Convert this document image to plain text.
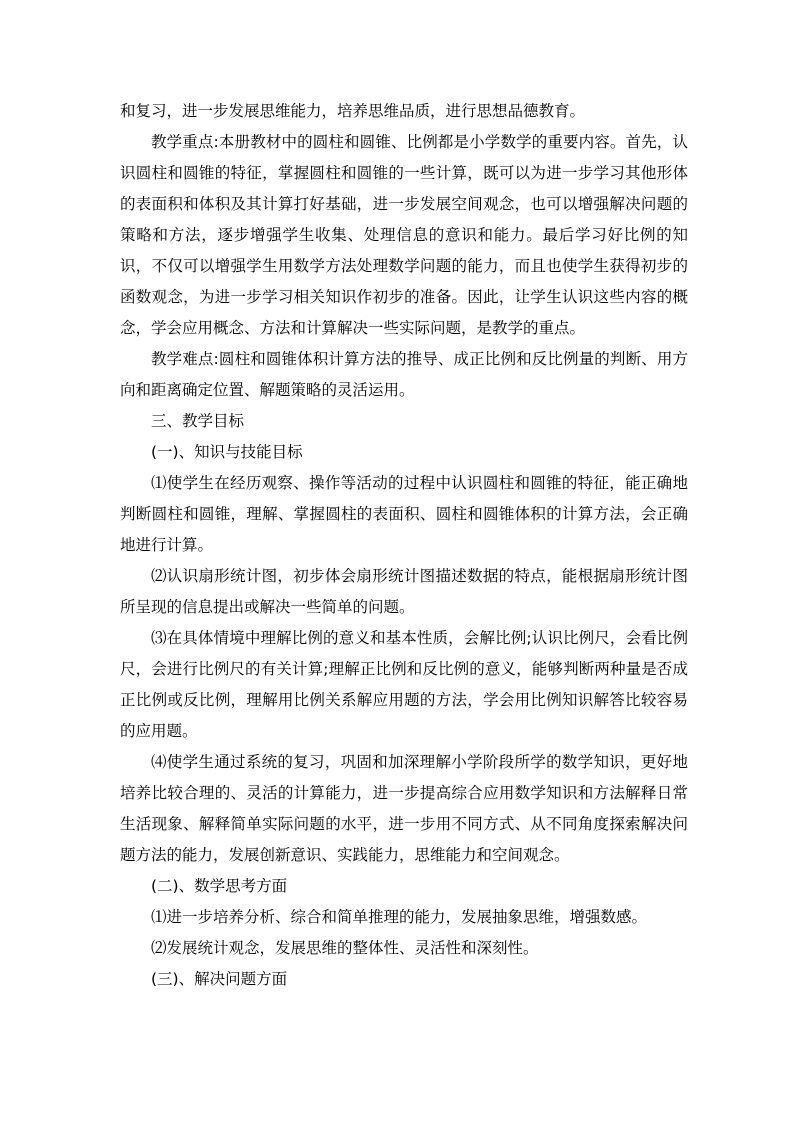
和复习，进一步发展思维能力，培养思维品质，进行思想品德教育。

教学重点:本册教材中的圆柱和圆锥、比例都是小学数学的重要内容。首先，认识圆柱和圆锥的特征，掌握圆柱和圆锥的一些计算，既可以为进一步学习其他形体的表面积和体积及其计算打好基础，进一步发展空间观念，也可以增强解决问题的策略和方法，逐步增强学生收集、处理信息的意识和能力。最后学习好比例的知识，不仅可以增强学生用数学方法处理数学问题的能力，而且也使学生获得初步的函数观念，为进一步学习相关知识作初步的准备。因此，让学生认识这些内容的概念，学会应用概念、方法和计算解决一些实际问题，是教学的重点。

教学难点:圆柱和圆锥体积计算方法的推导、成正比例和反比例量的判断、用方向和距离确定位置、解题策略的灵活运用。

三、教学目标

(一)、知识与技能目标

⑴使学生在经历观察、操作等活动的过程中认识圆柱和圆锥的特征，能正确地判断圆柱和圆锥，理解、掌握圆柱的表面积、圆柱和圆锥体积的计算方法，会正确地进行计算。

⑵认识扇形统计图，初步体会扇形统计图描述数据的特点，能根据扇形统计图所呈现的信息提出或解决一些简单的问题。

⑶在具体情境中理解比例的意义和基本性质，会解比例;认识比例尺，会看比例尺，会进行比例尺的有关计算;理解正比例和反比例的意义，能够判断两种量是否成正比例或反比例，理解用比例关系解应用题的方法，学会用比例知识解答比较容易的应用题。

⑷使学生通过系统的复习，巩固和加深理解小学阶段所学的数学知识，更好地培养比较合理的、灵活的计算能力，进一步提高综合应用数学知识和方法解释日常生活现象、解释简单实际问题的水平，进一步用不同方式、从不同角度探索解决问题方法的能力，发展创新意识、实践能力，思维能力和空间观念。

(二)、数学思考方面

⑴进一步培养分析、综合和简单推理的能力，发展抽象思维，增强数感。

⑵发展统计观念，发展思维的整体性、灵活性和深刻性。

(三)、解决问题方面
